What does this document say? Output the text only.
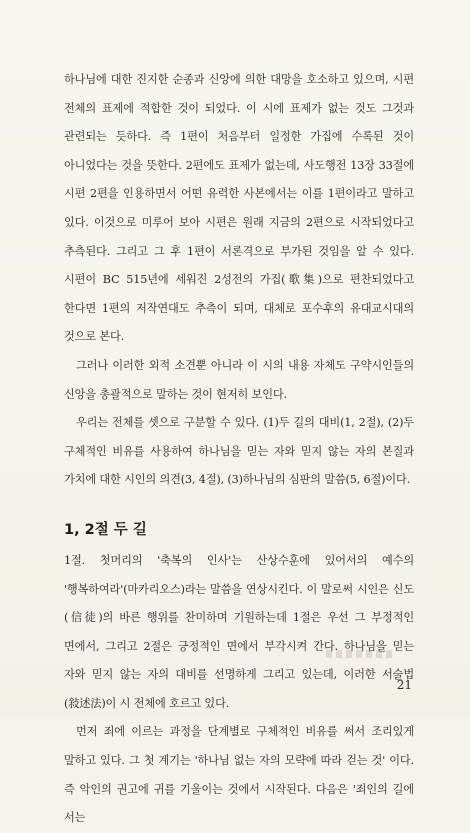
하나님에 대한 진지한 순종과 신앙에 의한 대망을 호소하고 있으며, 시편 전체의 표제에 적합한 것이 되었다. 이 시에 표제가 없는 것도 그것과 관련되는 듯하다. 즉 1편이 처음부터 일정한 가집에 수록된 것이 아니었다는 것을 뜻한다. 2편에도 표제가 없는데, 사도행전 13장 33절에 시편 2편을 인용하면서 어떤 유력한 사본에서는 이를 1편이라고 말하고 있다. 이것으로 미루어 보아 시편은 원래 지금의 2편으로 시작되었다고 추측된다. 그리고 그 후 1편이 서론격으로 부가된 것임을 알 수 있다. 시편이 BC 515년에 세워진 2성전의 가집(歌集)으로 편찬되었다고 한다면 1편의 저작연대도 추측이 되며, 대체로 포수후의 유대교시대의 것으로 본다.

그러나 이러한 외적 소견뿐 아니라 이 시의 내용 자체도 구약시인들의 신앙을 총괄적으로 말하는 것이 현저히 보인다.

우리는 전체를 셋으로 구분할 수 있다. (1)두 길의 대비(1, 2절), (2)두 구체적인 비유를 사용하여 하나님을 믿는 자와 믿지 않는 자의 본질과 가치에 대한 시인의 의견(3, 4절), (3)하나님의 심판의 말씀(5, 6절)이다.

1, 2절 두 길

1절. 첫머리의 '축복의 인사'는 산상수훈에 있어서의 예수의 '행복하여라'(마카리오스)라는 말씀을 연상시킨다. 이 말로써 시인은 신도(信徒)의 바른 행위를 찬미하며 기원하는데 1절은 우선 그 부정적인 면에서, 그리고 2절은 긍정적인 면에서 부각시켜 간다. 하나님을 믿는 자와 믿지 않는 자의 대비를 선명하게 그리고 있는데, 이러한 서술법(敍述法)이 시 전체에 호르고 있다.

먼저 죄에 이르는 과정을 단계별로 구체적인 비유를 써서 조리있게 말하고 있다. 그 첫 계기는 '하나님 없는 자의 모략에 따라 걷는 것' 이다. 즉 악인의 권고에 귀를 기울이는 것에서 시작된다. 다음은 '죄인의 길에 서는

21
